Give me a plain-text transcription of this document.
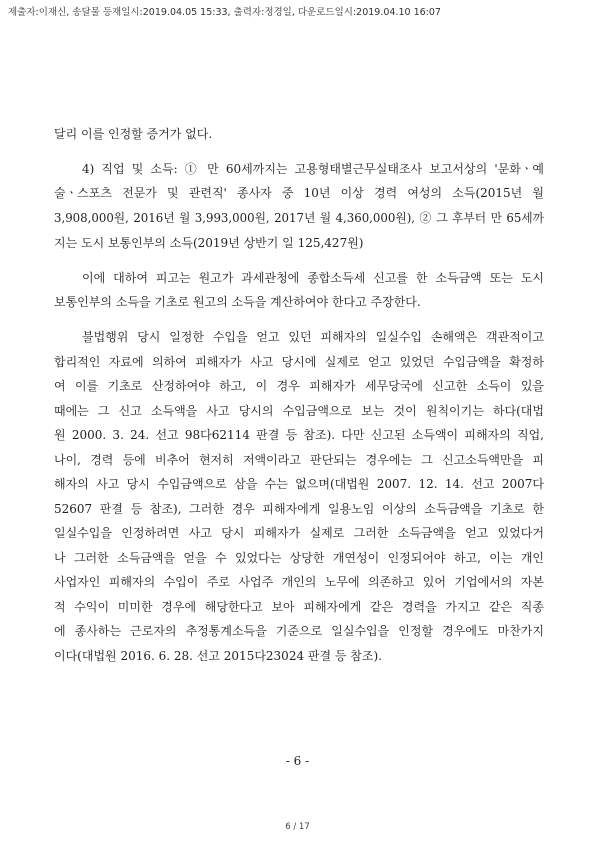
제출자:이재신, 송달물 등재일시:2019.04.05 15:33, 출력자:정경일, 다운로드일시:2019.04.10 16:07
달리 이를 인정할 증거가 없다.
4) 직업 및 소득: ① 만 60세까지는 고용형태별근무실태조사 보고서상의 '문화ㆍ예
술ㆍ스포츠 전문가 및 관련직' 종사자 중 10년 이상 경력 여성의 소득(2015년 월
3,908,000원, 2016년 월 3,993,000원, 2017년 월 4,360,000원), ② 그 후부터 만 65세까
지는 도시 보통인부의 소득(2019년 상반기 일 125,427원)
이에 대하여 피고는 원고가 과세관청에 종합소득세 신고를 한 소득금액 또는 도시
보통인부의 소득을 기초로 원고의 소득을 계산하여야 한다고 주장한다.
불법행위 당시 일정한 수입을 얻고 있던 피해자의 일실수입 손해액은 객관적이고
합리적인 자료에 의하여 피해자가 사고 당시에 실제로 얻고 있었던 수입금액을 확정하
여 이를 기초로 산정하여야 하고, 이 경우 피해자가 세무당국에 신고한 소득이 있을
때에는 그 신고 소득액을 사고 당시의 수입금액으로 보는 것이 원칙이기는 하다(대법
원 2000. 3. 24. 선고 98다62114 판결 등 참조). 다만 신고된 소득액이 피해자의 직업,
나이, 경력 등에 비추어 현저히 저액이라고 판단되는 경우에는 그 신고소득액만을 피
해자의 사고 당시 수입금액으로 삼을 수는 없으며(대법원 2007. 12. 14. 선고 2007다
52607 판결 등 참조), 그러한 경우 피해자에게 일용노임 이상의 소득금액을 기초로 한
일실수입을 인정하려면 사고 당시 피해자가 실제로 그러한 소득금액을 얻고 있었다거
나 그러한 소득금액을 얻을 수 있었다는 상당한 개연성이 인정되어야 하고, 이는 개인
사업자인 피해자의 수입이 주로 사업주 개인의 노무에 의존하고 있어 기업에서의 자본
적 수익이 미미한 경우에 해당한다고 보아 피해자에게 같은 경력을 가지고 같은 직종
에 종사하는 근로자의 추정통계소득을 기준으로 일실수입을 인정할 경우에도 마찬가지
이다(대법원 2016. 6. 28. 선고 2015다23024 판결 등 참조).
- 6 -
6 / 17
